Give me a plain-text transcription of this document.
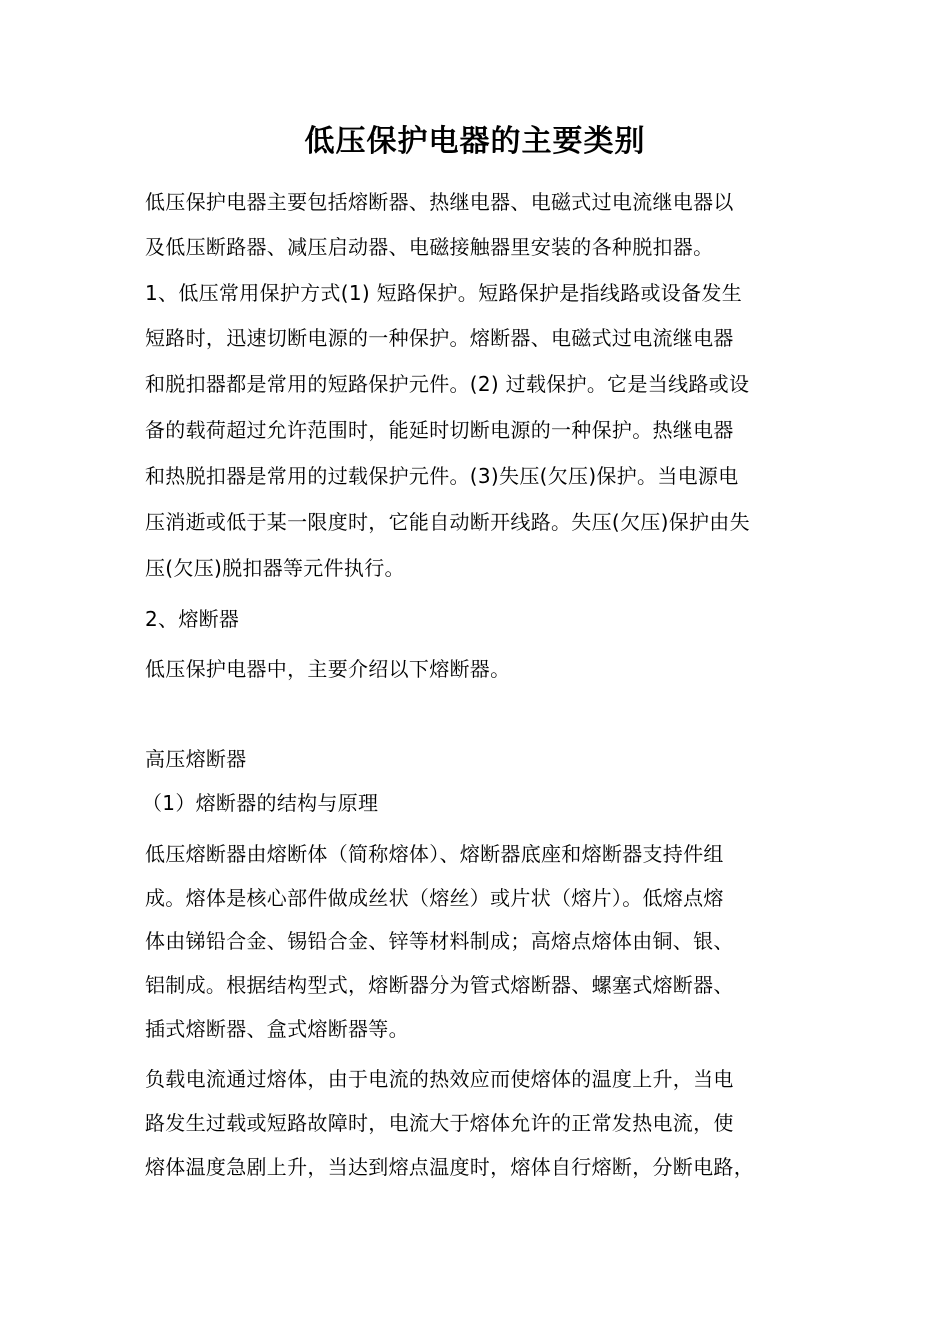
低压保护电器的主要类别
低压保护电器主要包括熔断器、热继电器、电磁式过电流继电器以
及低压断路器、减压启动器、电磁接触器里安装的各种脱扣器。
1、低压常用保护方式(1) 短路保护。短路保护是指线路或设备发生
短路时，迅速切断电源的一种保护。熔断器、电磁式过电流继电器
和脱扣器都是常用的短路保护元件。(2) 过载保护。它是当线路或设
备的载荷超过允许范围时，能延时切断电源的一种保护。热继电器
和热脱扣器是常用的过载保护元件。(3)失压(欠压)保护。当电源电
压消逝或低于某一限度时，它能自动断开线路。失压(欠压)保护由失
压(欠压)脱扣器等元件执行。
2、熔断器
低压保护电器中，主要介绍以下熔断器。
高压熔断器
（1）熔断器的结构与原理
低压熔断器由熔断体（简称熔体）、熔断器底座和熔断器支持件组
成。熔体是核心部件做成丝状（熔丝）或片状（熔片）。低熔点熔
体由锑铅合金、锡铅合金、锌等材料制成；高熔点熔体由铜、银、
铝制成。根据结构型式，熔断器分为管式熔断器、螺塞式熔断器、
插式熔断器、盒式熔断器等。
负载电流通过熔体，由于电流的热效应而使熔体的温度上升，当电
路发生过载或短路故障时，电流大于熔体允许的正常发热电流，使
熔体温度急剧上升，当达到熔点温度时，熔体自行熔断，分断电路，
